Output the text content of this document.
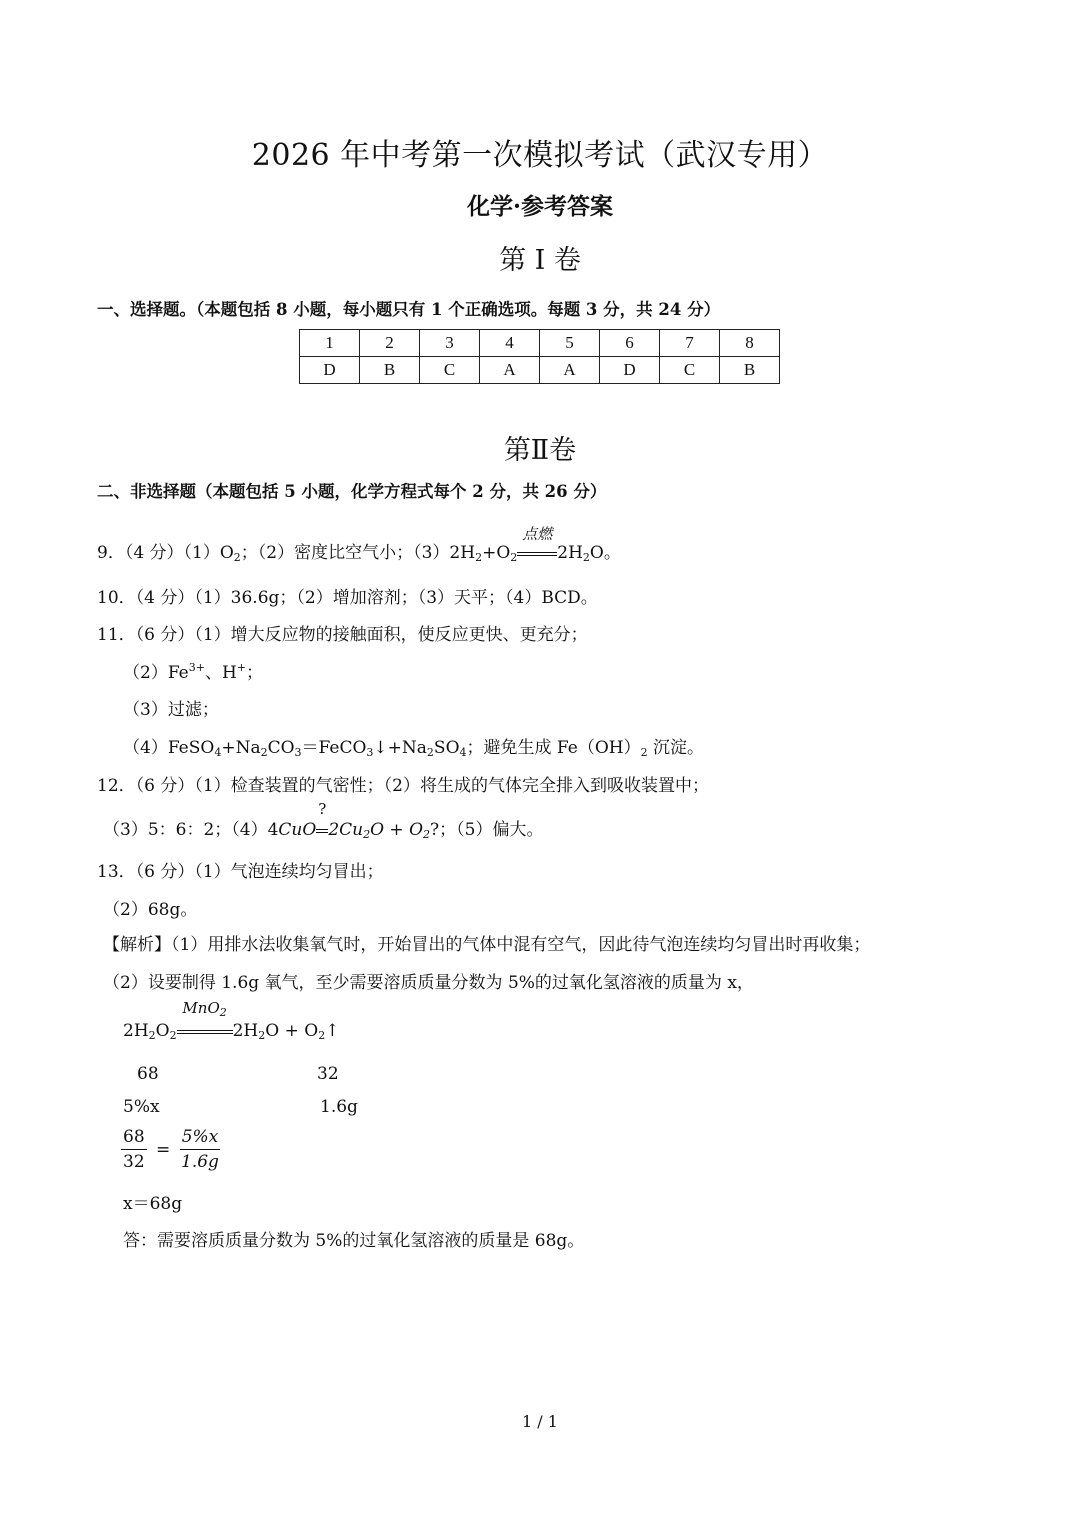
2026 年中考第一次模拟考试（武汉专用）
化学·参考答案
第 I 卷
一、选择题。（本题包括 8 小题，每小题只有 1 个正确选项。每题 3 分，共 24 分）
1	2	3	4	5	6	7	8
D	B	C	A	A	D	C	B
第Ⅱ卷
二、非选择题（本题包括 5 小题，化学方程式每个 2 分，共 26 分）
9．（4 分）$(1)O_2$；（2）密度比空气小；$(3)2H_2+O_2$
点燃
$2H_2O$。
10．（4 分）（1）36.6g；（2）增加溶剂；（3）天平；（4）BCD。
11．（6 分）（1）增大反应物的接触面积，使反应更快、更充分；
$(2)Fe^{3+}$、H+；
（3）过滤；
$(4)FeSO_4+Na_2CO_3=FeCO_3↓+Na_2SO_4$；避免生成 $Fe(OH)_2$ 沉淀。
12．（6 分）（1）检查装置的气密性；（2）将生成的气体完全排入到吸收装置中；
（3）5：6：2；（4）4CuO
?
$2Cu_2O + O_2$?；（5）偏大。
13．（6 分）（1）气泡连续均匀冒出；
（2）68g。
【解析】（1）用排水法收集氧气时，开始冒出的气体中混有空气，因此待气泡连续均匀冒出时再收集；
（2）设要制得 1.6g 氧气，至少需要溶质质量分数为 5%的过氧化氢溶液的质量为 x，
$2H_2O_2$
MnO$_2$
$2H_2O$ + $O_2↑$
68	32
5%x	1.6g
$\frac{68}{32} = \frac{5\%x}{1.6g}$
x＝68g
答：需要溶质质量分数为 5%的过氧化氢溶液的质量是 68g。
1 / 1
